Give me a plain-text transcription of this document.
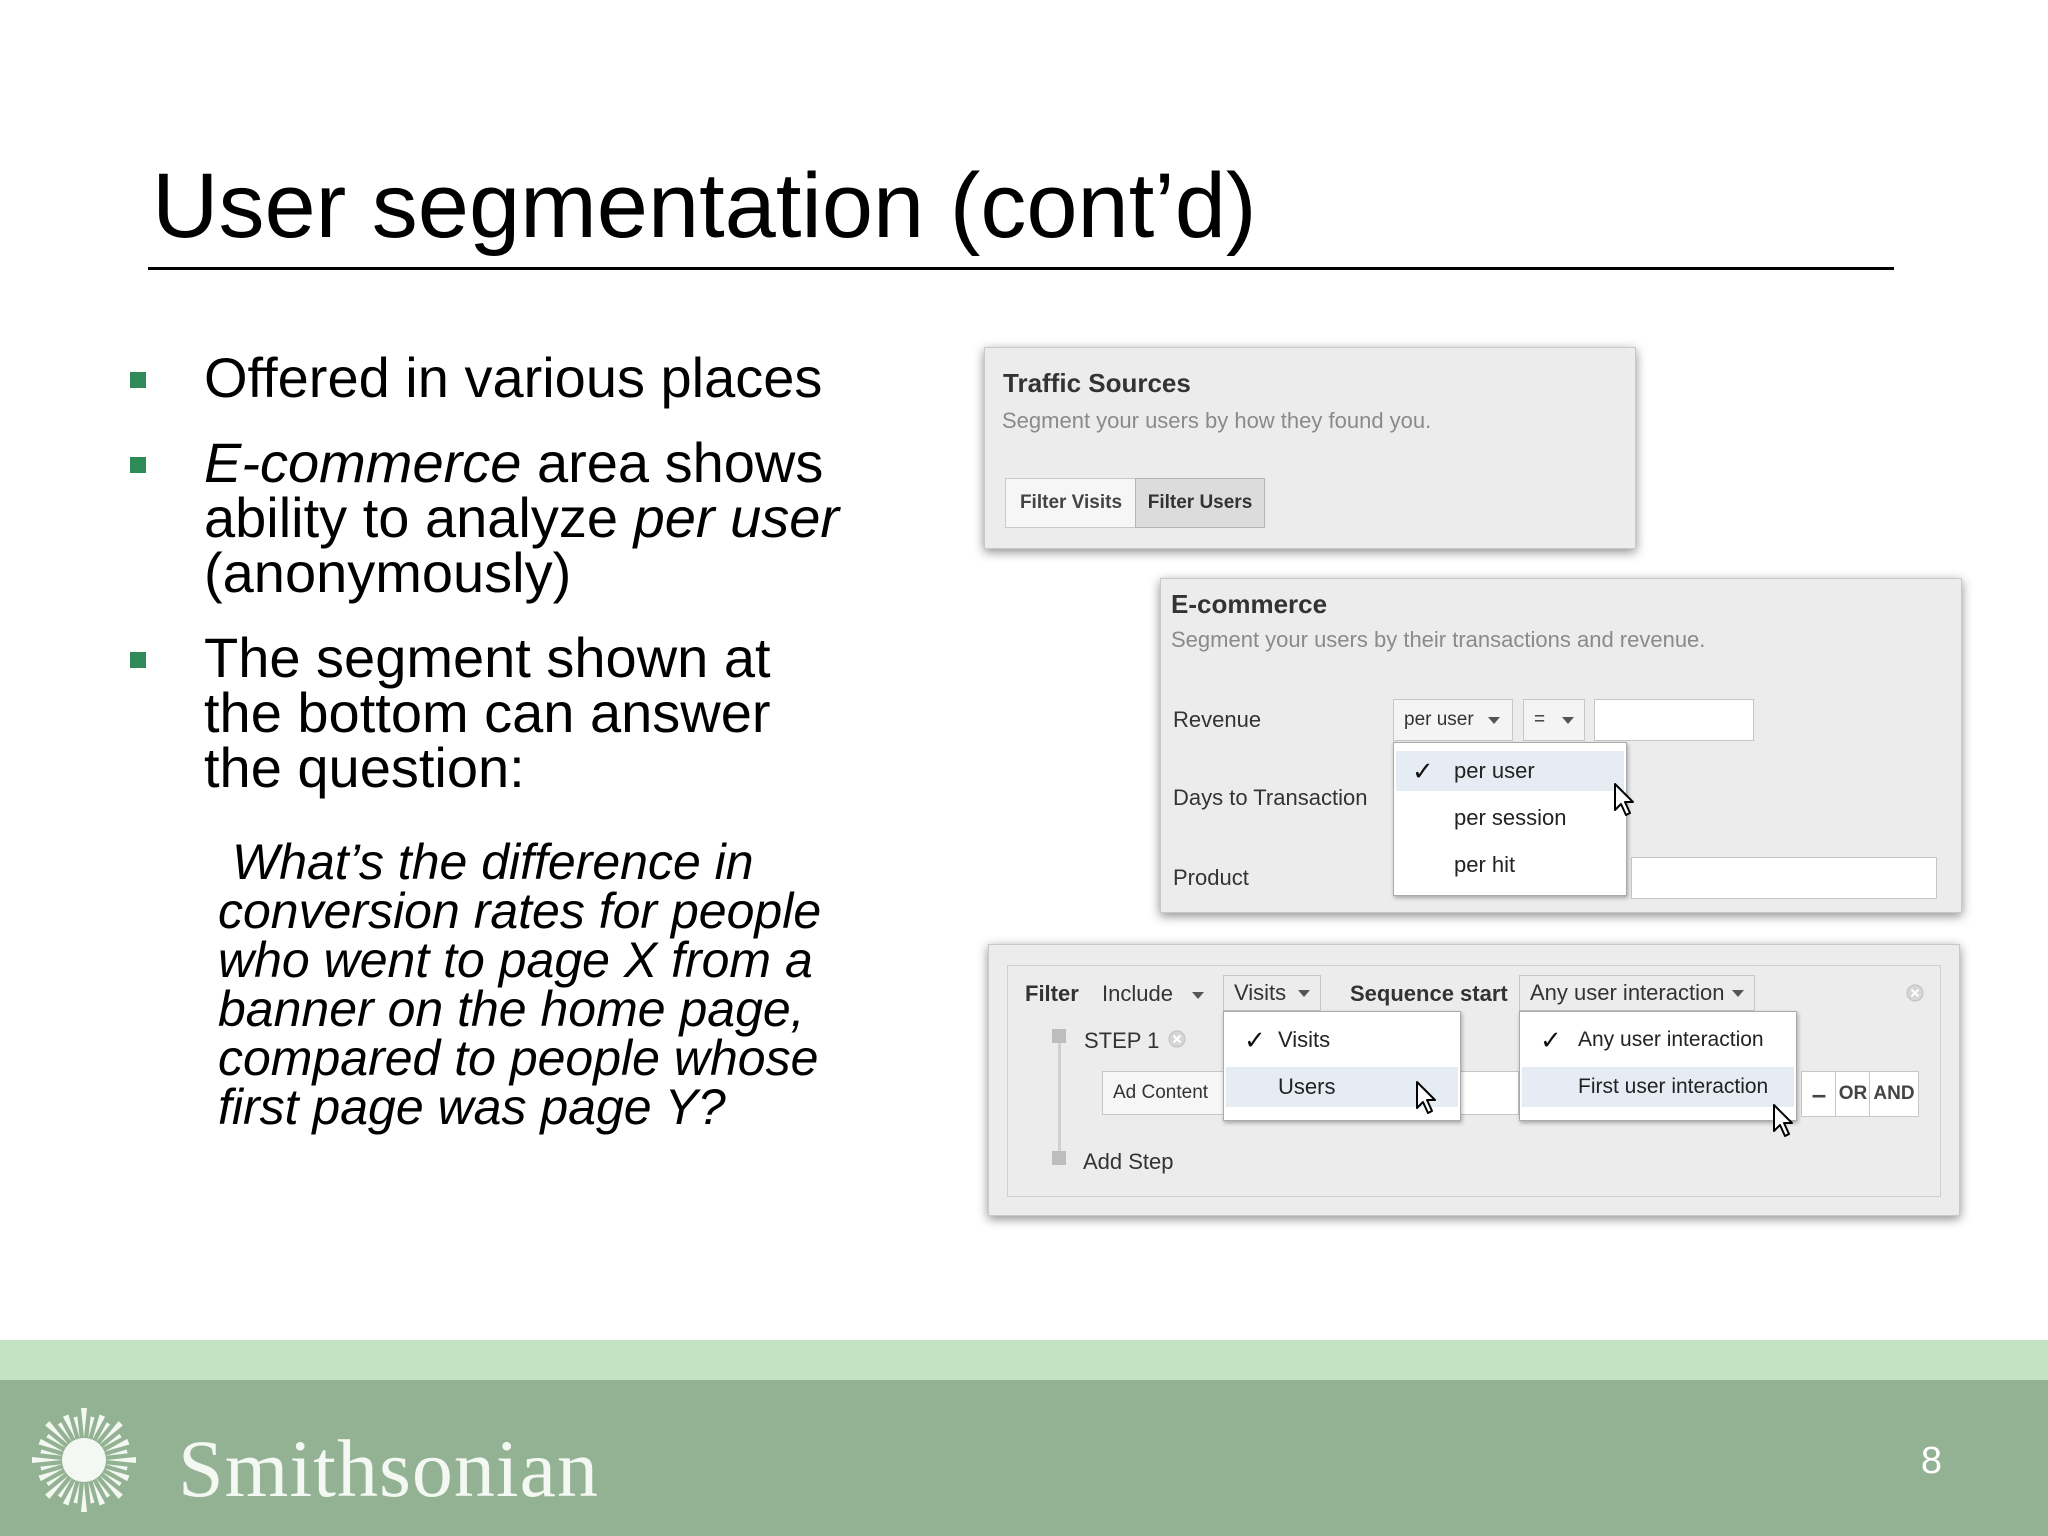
User segmentation (cont’d)
Offered in various places
E-commerce area shows
ability to analyze per user
(anonymously)
The segment shown at
the bottom can answer
the question:
What’s the difference in
conversion rates for people
who went to page X from a
banner on the home page,
compared to people whose
first page was page Y?
Traffic Sources
Segment your users by how they found you.
Filter Visits	Filter Users
E-commerce
Segment your users by their transactions and revenue.
Revenue	per user	=
Days to Transaction
Product
✓ per user
per session
per hit
Filter Include	Visits	Sequence start Any user interaction
STEP 1
Ad Content	– OR AND
Add Step
✓ Visits
Users
✓ Any user interaction
First user interaction
Smithsonian	8
